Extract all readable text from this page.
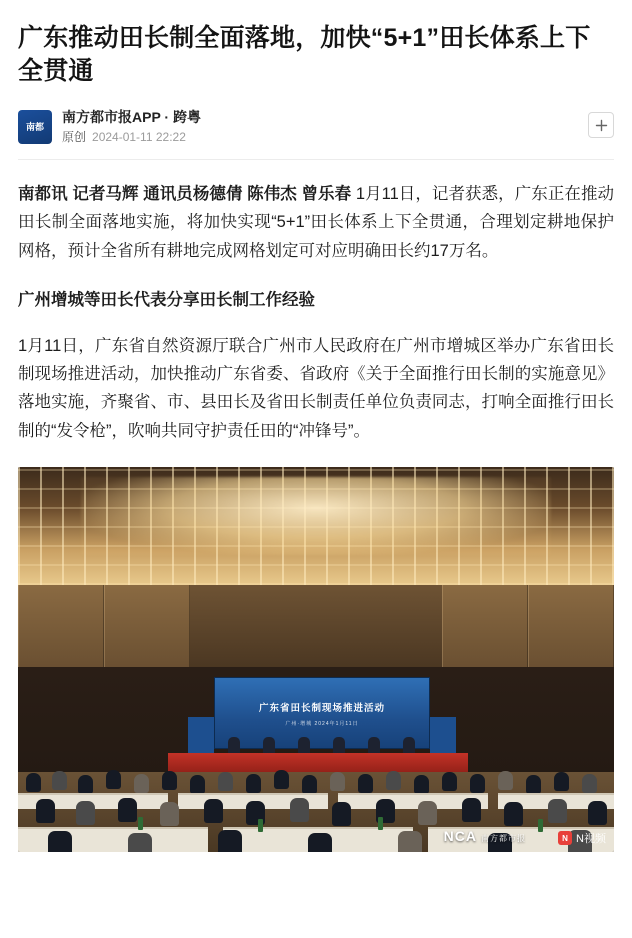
广东推动田长制全面落地，加快“5+1”田长体系上下全贯通
南都
南方都市报APP · 跨粤
原创 2024-01-11 22:22

南都讯 记者马辉 通讯员杨德倩 陈伟杰 曾乐春 1月11日，记者获悉，广东正在推动田长制全面落地实施，将加快实现“5+1”田长体系上下全贯通，合理划定耕地保护网格，预计全省所有耕地完成网格划定可对应明确田长约17万名。

广州增城等田长代表分享田长制工作经验

1月11日，广东省自然资源厅联合广州市人民政府在广州市增城区举办广东省田长制现场推进活动，加快推动广东省委、省政府《关于全面推行田长制的实施意见》落地实施，齐聚省、市、县田长及省田长制责任单位负责同志，打响全面推行田长制的“发令枪”，吹响共同守护责任田的“冲锋号”。

广东省田长制现场推进活动
广州·增城 2024年1月11日
NCA 南方都市报	N N视频
